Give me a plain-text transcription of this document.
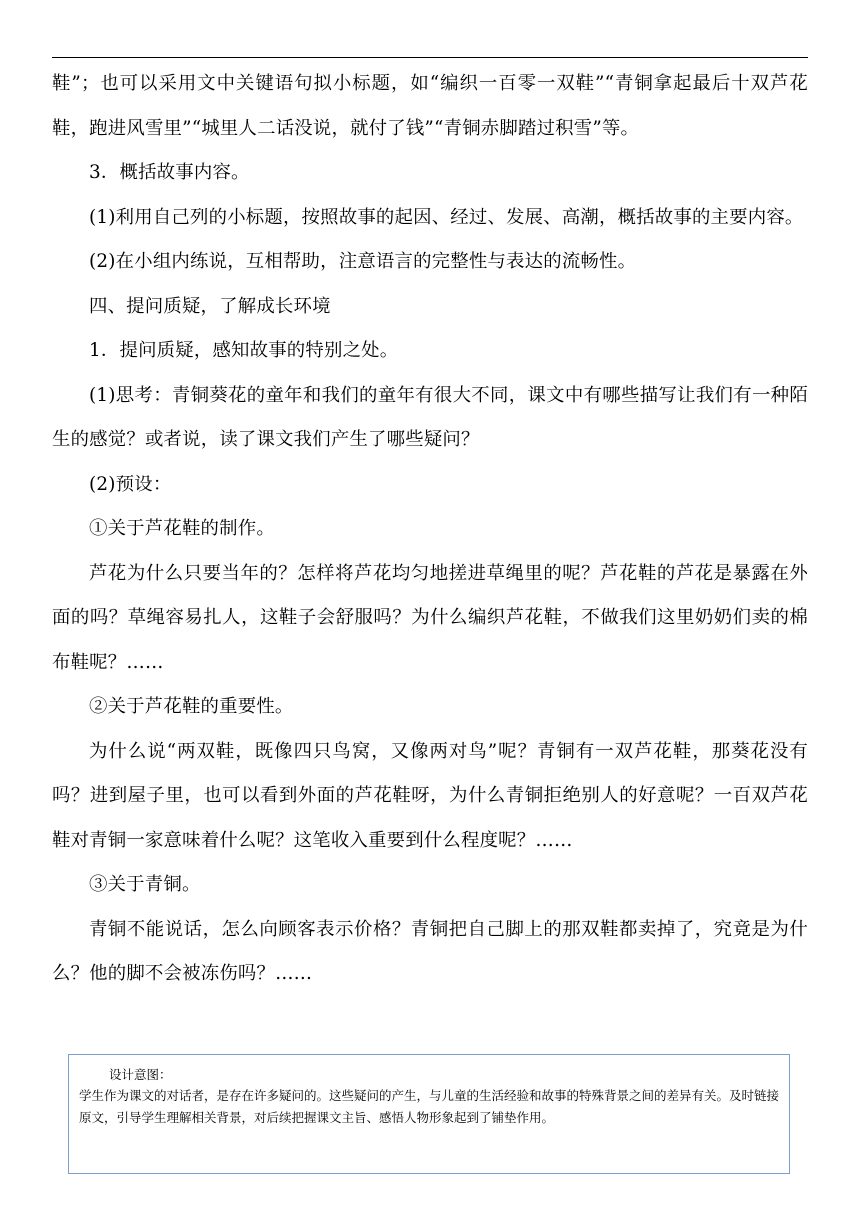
鞋”；也可以采用文中关键语句拟小标题，如“编织一百零一双鞋”“青铜拿起最后十双芦花鞋，跑进风雪里”“城里人二话没说，就付了钱”“青铜赤脚踏过积雪”等。

3．概括故事内容。

(1)利用自己列的小标题，按照故事的起因、经过、发展、高潮，概括故事的主要内容。

(2)在小组内练说，互相帮助，注意语言的完整性与表达的流畅性。

四、提问质疑，了解成长环境

1．提问质疑，感知故事的特别之处。

(1)思考：青铜葵花的童年和我们的童年有很大不同，课文中有哪些描写让我们有一种陌生的感觉？或者说，读了课文我们产生了哪些疑问？

(2)预设：

①关于芦花鞋的制作。

芦花为什么只要当年的？怎样将芦花均匀地搓进草绳里的呢？芦花鞋的芦花是暴露在外面的吗？草绳容易扎人，这鞋子会舒服吗？为什么编织芦花鞋，不做我们这里奶奶们卖的棉布鞋呢？……

②关于芦花鞋的重要性。

为什么说“两双鞋，既像四只鸟窝，又像两对鸟”呢？青铜有一双芦花鞋，那葵花没有吗？进到屋子里，也可以看到外面的芦花鞋呀，为什么青铜拒绝别人的好意呢？一百双芦花鞋对青铜一家意味着什么呢？这笔收入重要到什么程度呢？……

③关于青铜。

青铜不能说话，怎么向顾客表示价格？青铜把自己脚上的那双鞋都卖掉了，究竟是为什么？他的脚不会被冻伤吗？……

设计意图：

学生作为课文的对话者，是存在许多疑问的。这些疑问的产生，与儿童的生活经验和故事的特殊背景之间的差异有关。及时链接原文，引导学生理解相关背景，对后续把握课文主旨、感悟人物形象起到了铺垫作用。
